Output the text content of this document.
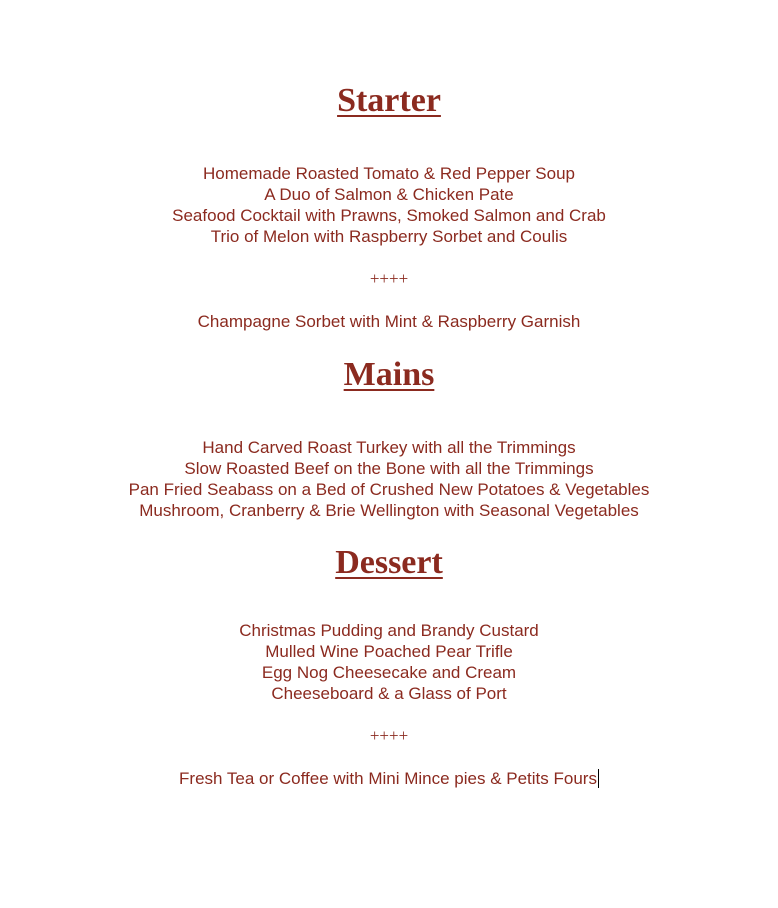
Starter
Homemade Roasted Tomato & Red Pepper Soup
A Duo of Salmon & Chicken Pate
Seafood Cocktail with Prawns, Smoked Salmon and Crab
Trio of Melon with Raspberry Sorbet and Coulis
++++
Champagne Sorbet with Mint & Raspberry Garnish
Mains
Hand Carved Roast Turkey with all the Trimmings
Slow Roasted Beef on the Bone with all the Trimmings
Pan Fried Seabass on a Bed of Crushed New Potatoes & Vegetables
Mushroom, Cranberry & Brie Wellington with Seasonal Vegetables
Dessert
Christmas Pudding and Brandy Custard
Mulled Wine Poached Pear Trifle
Egg Nog Cheesecake and Cream
Cheeseboard & a Glass of Port
++++
Fresh Tea or Coffee with Mini Mince pies & Petits Fours
